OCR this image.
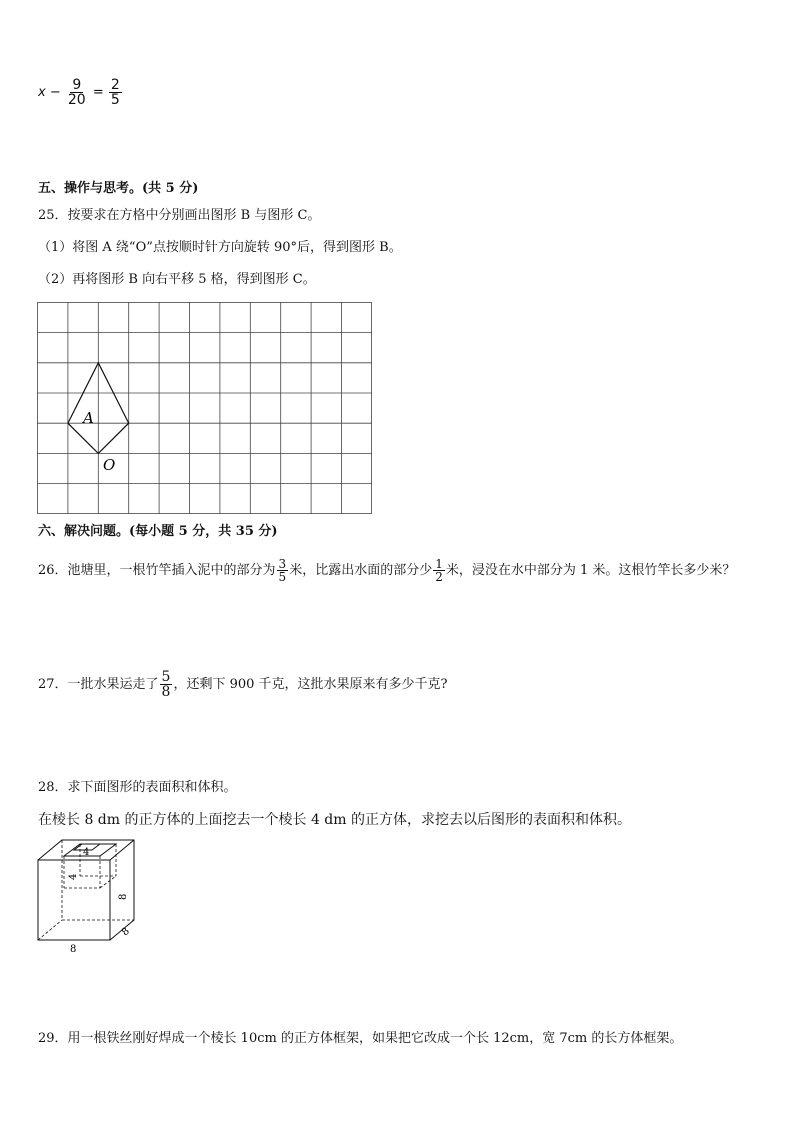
$x - \frac{9}{20} = \frac{2}{5}$
五、操作与思考。(共 5 分)
25．按要求在方格中分别画出图形 B 与图形 C。
（1）将图 A 绕“O”点按顺时针方向旋转 90°后，得到图形 B。
（2）再将图形 B 向右平移 5 格，得到图形 C。
A
O
六、解决问题。(每小题 5 分，共 35 分)
26．池塘里，一根竹竿插入泥中的部分为 $\frac{3}{5}$ 米，比露出水面的部分少 $\frac{1}{2}$ 米，浸没在水中部分为 1 米。这根竹竿长多少米？
27．一批水果运走了 $\frac{5}{8}$ ，还剩下 900 千克，这批水果原来有多少千克?
28．求下面图形的表面积和体积。
在棱长 8 dm 的正方体的上面挖去一个棱长 4 dm 的正方体，求挖去以后图形的表面积和体积。
4
4
8
8
8
29．用一根铁丝刚好焊成一个棱长 10cm 的正方体框架，如果把它改成一个长 12cm，宽 7cm 的长方体框架。
